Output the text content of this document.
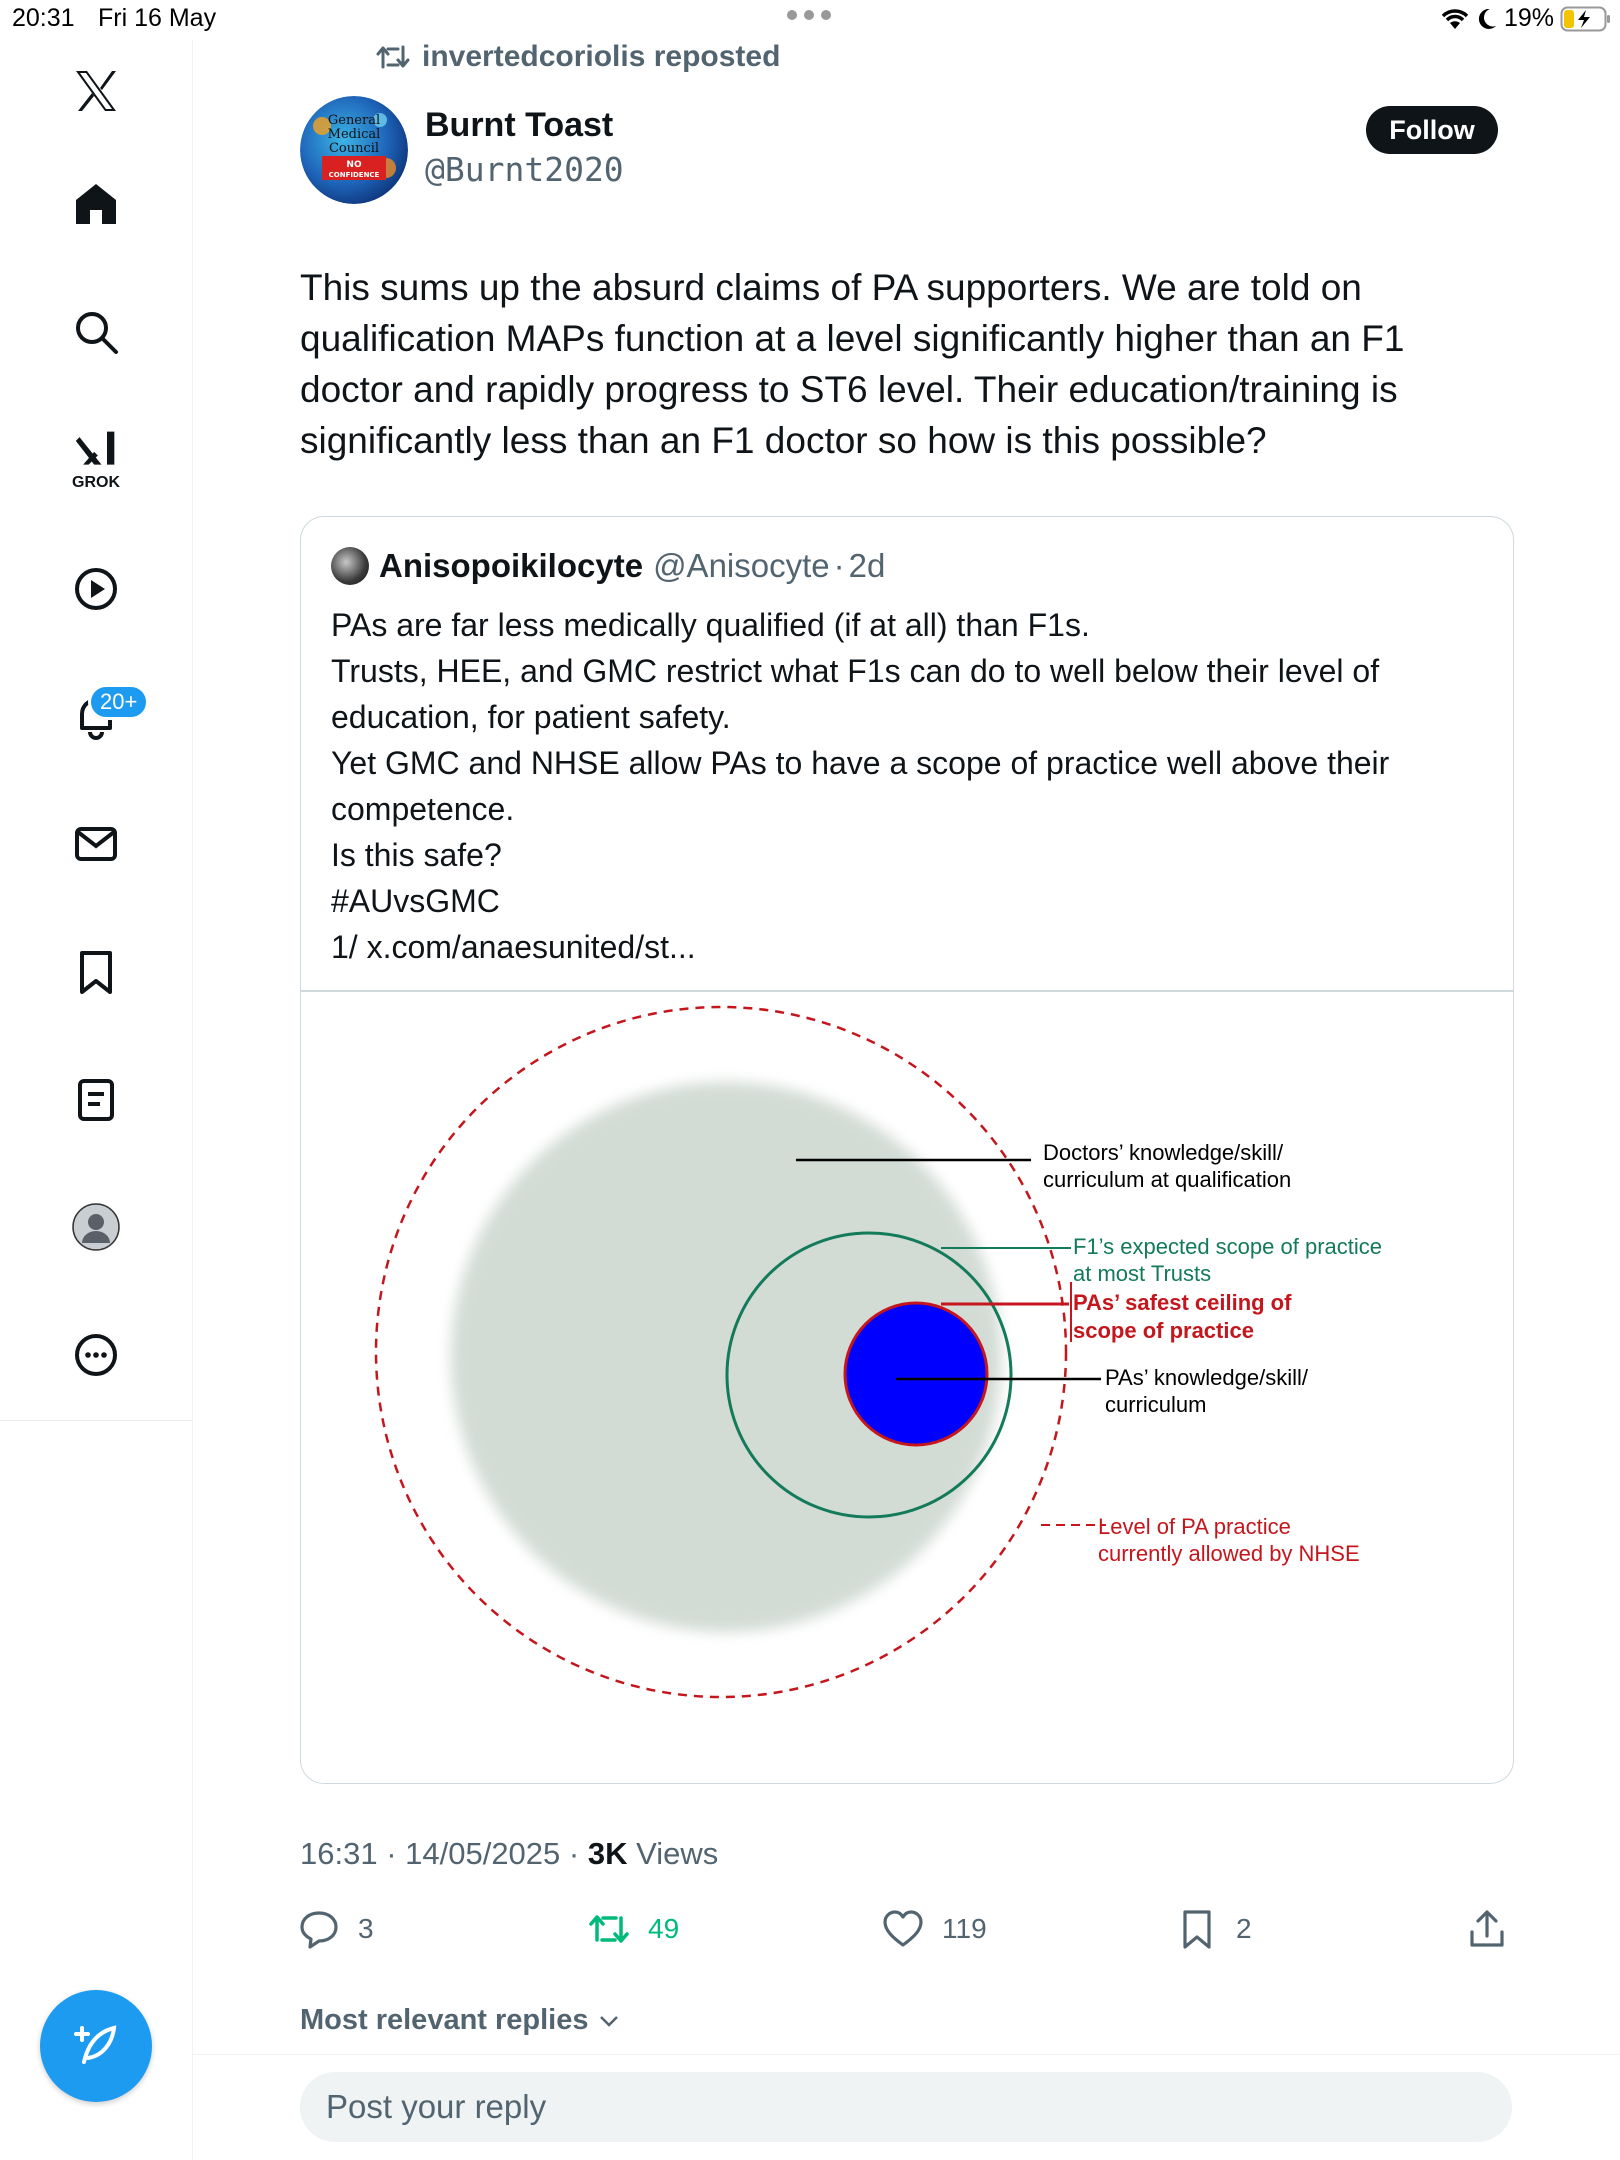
20:31 Fri 16 May	19%
GROK
20+
invertedcoriolis reposted
General
Medical
Council
NO
CONFIDENCE
Burnt Toast
@Burnt2020
Follow
This sums up the absurd claims of PA supporters. We are told on qualification MAPs function at a level significantly higher than an F1 doctor and rapidly progress to ST6 level. Their education/training is significantly less than an F1 doctor so how is this possible?
Anisopoikilocyte @Anisocyte · 2d
PAs are far less medically qualified (if at all) than F1s.
Trusts, HEE, and GMC restrict what F1s can do to well below their level of
education, for patient safety.
Yet GMC and NHSE allow PAs to have a scope of practice well above their
competence.
Is this safe?
#AUvsGMC
1/ x.com/anaesunited/st...
Doctors’ knowledge/skill/
curriculum at qualification
F1’s expected scope of practice
at most Trusts
PAs’ safest ceiling of
scope of practice
PAs’ knowledge/skill/
curriculum
Level of PA practice
currently allowed by NHSE
16:31 · 14/05/2025 · 3K Views
3	49	119	2
Most relevant replies
Post your reply
